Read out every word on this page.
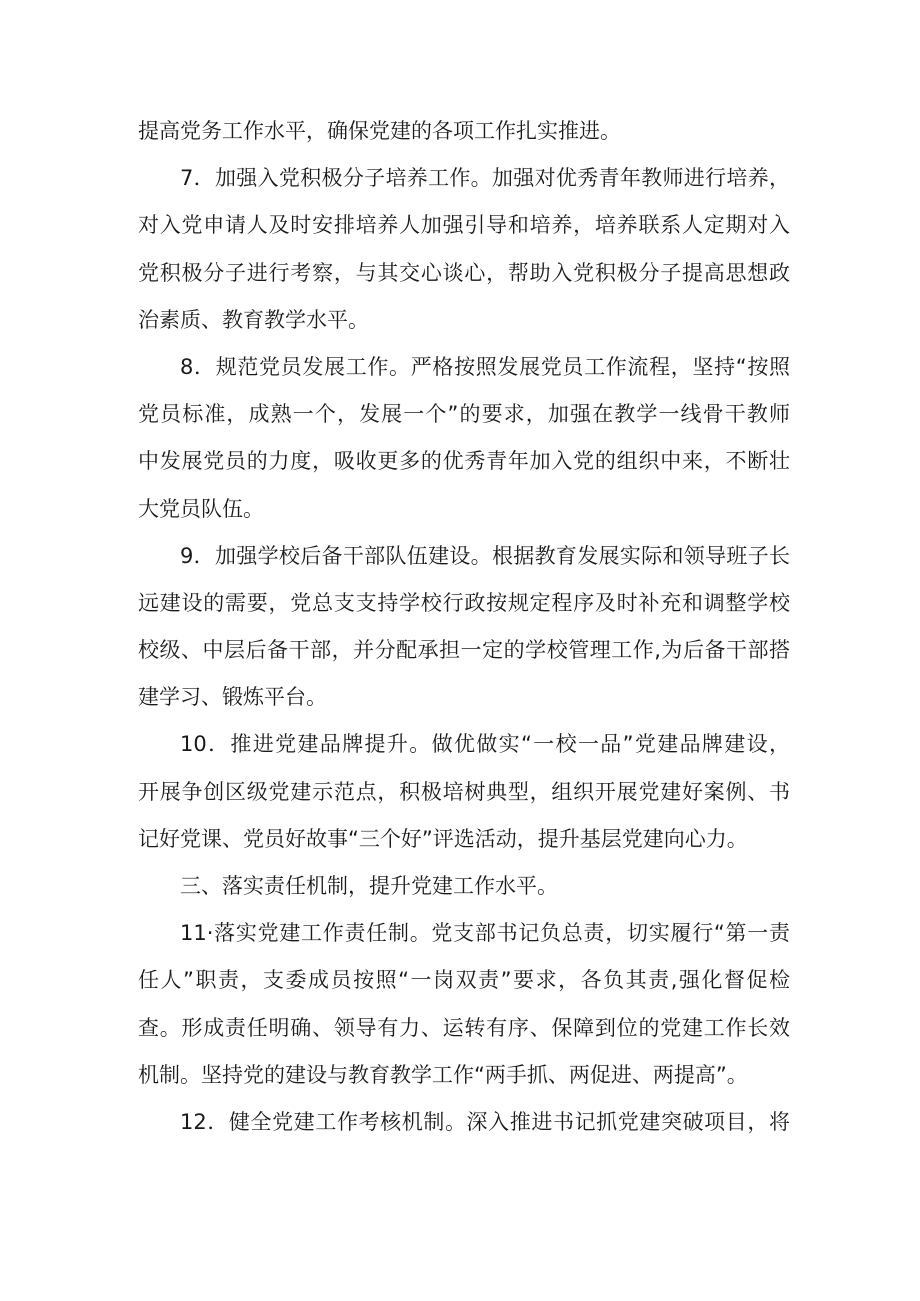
提高党务工作水平，确保党建的各项工作扎实推进。
7．加强入党积极分子培养工作。加强对优秀青年教师进行培养，
对入党申请人及时安排培养人加强引导和培养，培养联系人定期对入
党积极分子进行考察，与其交心谈心，帮助入党积极分子提高思想政
治素质、教育教学水平。
8．规范党员发展工作。严格按照发展党员工作流程，坚持“按照
党员标准，成熟一个，发展一个”的要求，加强在教学一线骨干教师
中发展党员的力度，吸收更多的优秀青年加入党的组织中来，不断壮
大党员队伍。
9．加强学校后备干部队伍建设。根据教育发展实际和领导班子长
远建设的需要，党总支支持学校行政按规定程序及时补充和调整学校
校级、中层后备干部，并分配承担一定的学校管理工作,为后备干部搭
建学习、锻炼平台。
10．推进党建品牌提升。做优做实“一校一品”党建品牌建设，
开展争创区级党建示范点，积极培树典型，组织开展党建好案例、书
记好党课、党员好故事“三个好”评选活动，提升基层党建向心力。
三、落实责任机制，提升党建工作水平。
11·落实党建工作责任制。党支部书记负总责，切实履行“第一责
任人”职责，支委成员按照“一岗双责”要求，各负其责,强化督促检
查。形成责任明确、领导有力、运转有序、保障到位的党建工作长效
机制。坚持党的建设与教育教学工作“两手抓、两促进、两提高”。
12．健全党建工作考核机制。深入推进书记抓党建突破项目，将
